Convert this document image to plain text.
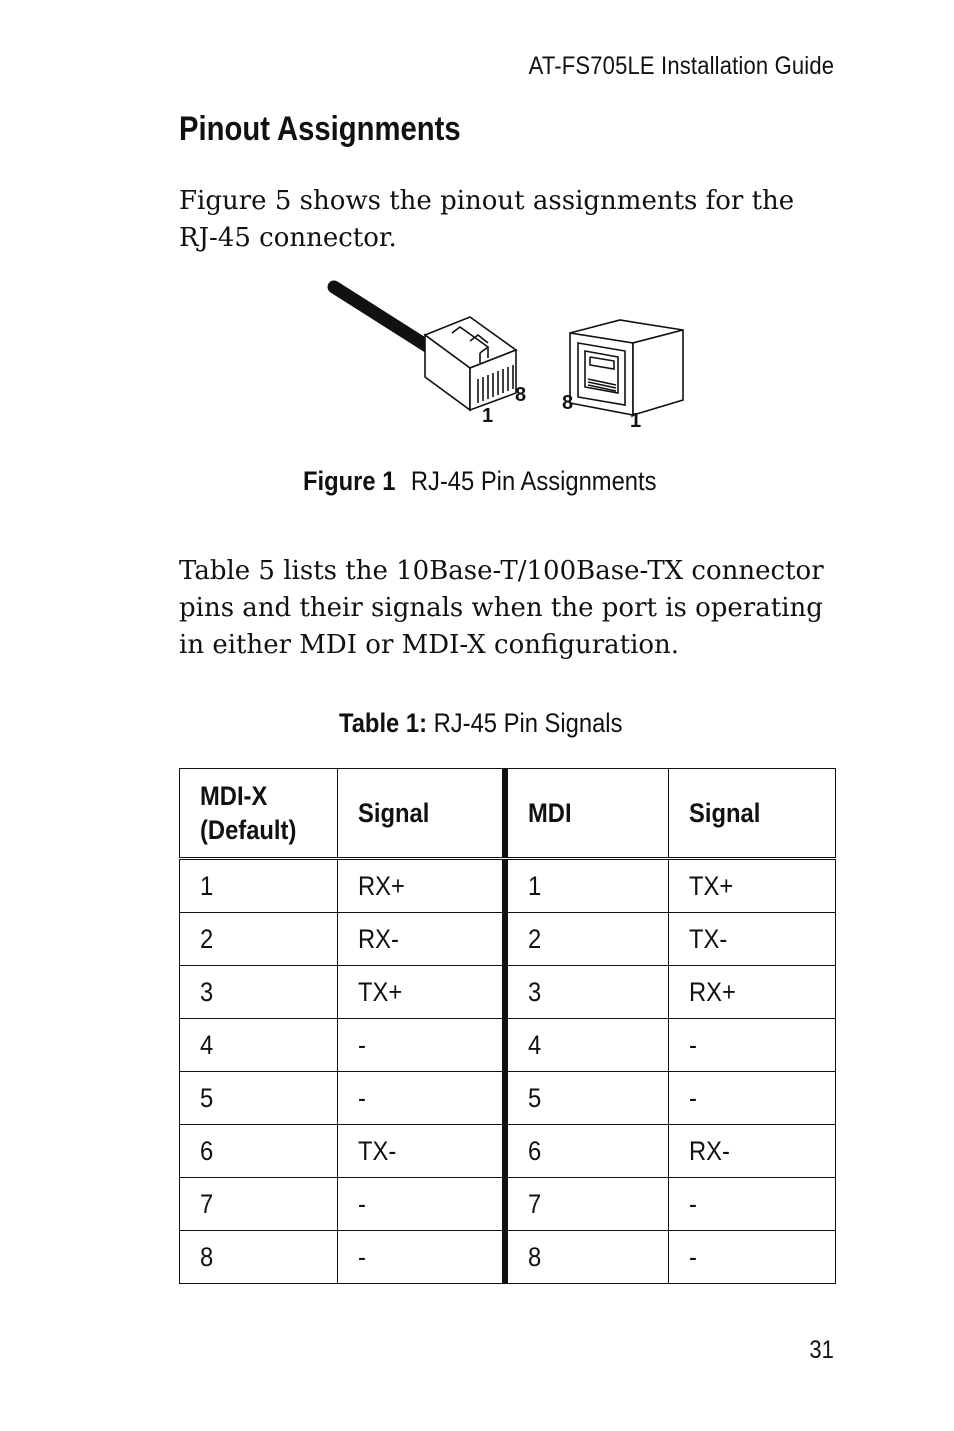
AT-FS705LE Installation Guide
Pinout Assignments
Figure 5 shows the pinout assignments for the RJ-45 connector.
1
8 8
1
Figure 1 RJ-45 Pin Assignments
Table 5 lists the 10Base-T/100Base-TX connector pins and their signals when the port is operating in either MDI or MDI-X configuration.
Table 1: RJ-45 Pin Signals
MDI-X
(Default)
Signal	MDI	Signal
1	RX+	1	TX+
2	RX-	2	TX-
3	TX+	3	RX+
4	-	4	-
5	-	5	-
6	TX-	6	RX-
7	-	7	-
8	-	8	-
31
